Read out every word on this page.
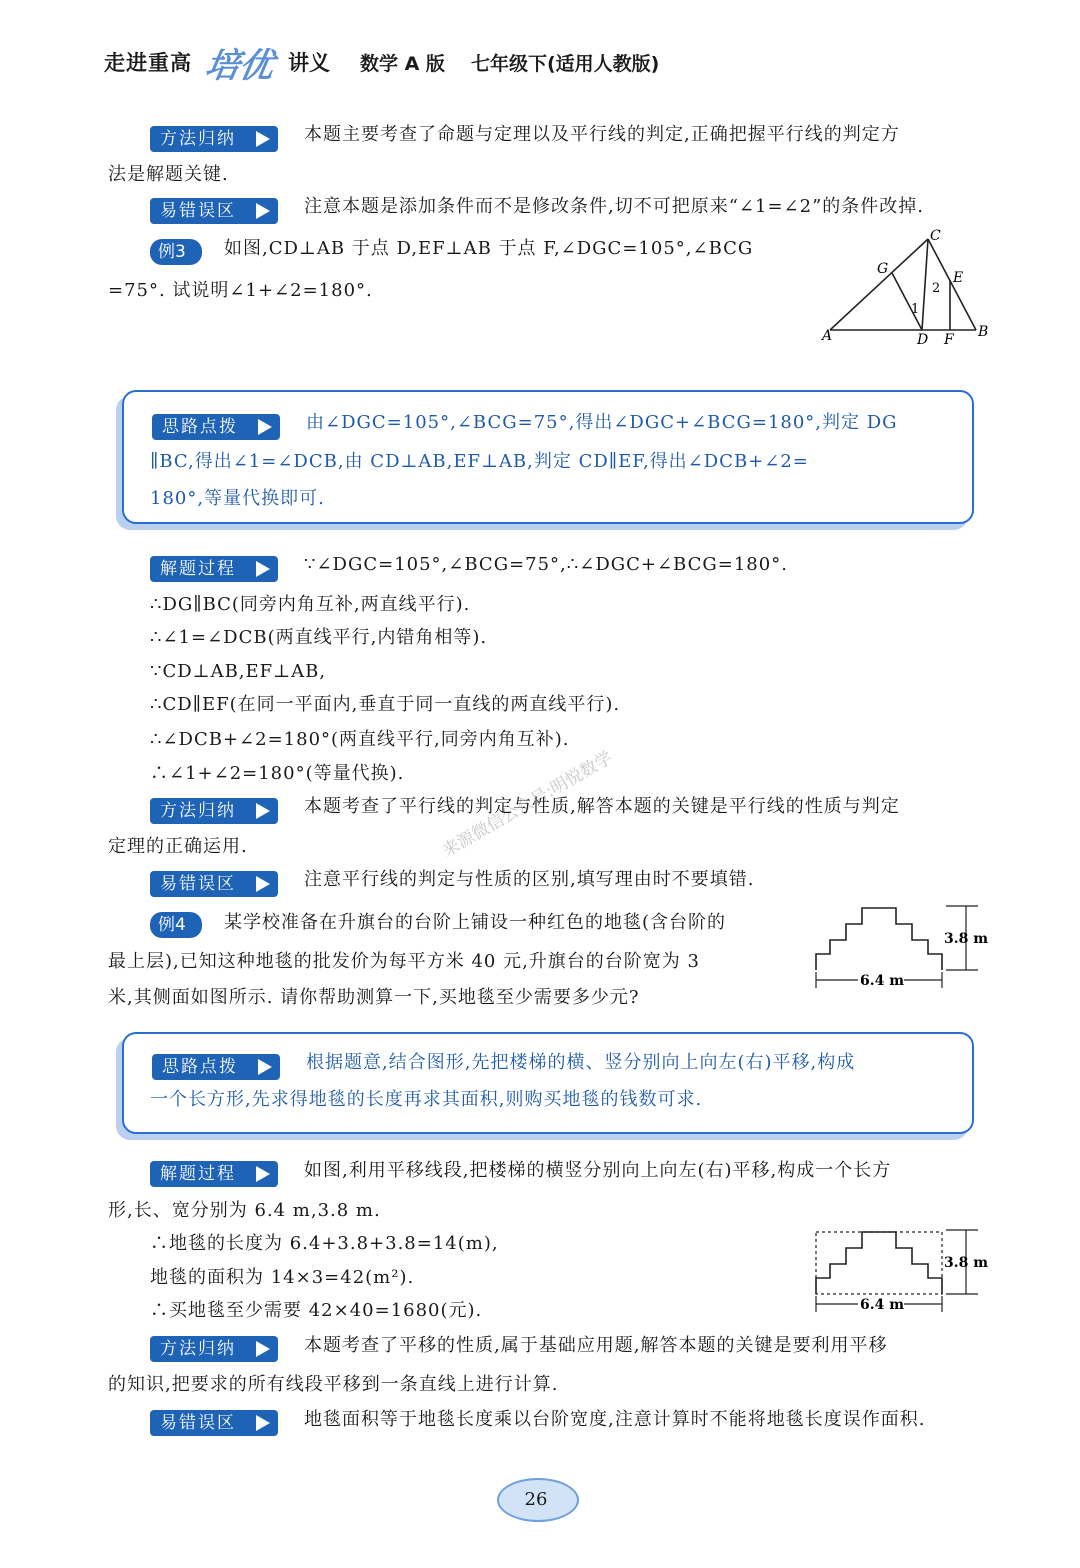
走进重高 培优 讲义 数学 A 版 七年级下(适用人教版)
方法归纳	本题主要考查了命题与定理以及平行线的判定,正确把握平行线的判定方
法是解题关键.
易错误区	注意本题是添加条件而不是修改条件,切不可把原来“∠1=∠2”的条件改掉.
例3	如图,CD⊥AB 于点 D,EF⊥AB 于点 F,∠DGC=105°,∠BCG
=75°. 试说明∠1+∠2=180°.
A	B
C
D
E
F
G
1
2
思路点拨	由∠DGC=105°,∠BCG=75°,得出∠DGC+∠BCG=180°,判定 DG
∥BC,得出∠1=∠DCB,由 CD⊥AB,EF⊥AB,判定 CD∥EF,得出∠DCB+∠2=
180°,等量代换即可.
解题过程	∵∠DGC=105°,∠BCG=75°,∴∠DGC+∠BCG=180°.
∴DG∥BC(同旁内角互补,两直线平行).
∴∠1=∠DCB(两直线平行,内错角相等).
∵CD⊥AB,EF⊥AB,
∴CD∥EF(在同一平面内,垂直于同一直线的两直线平行).
∴∠DCB+∠2=180°(两直线平行,同旁内角互补).
∴∠1+∠2=180°(等量代换). 来源微信公众号:明悦数学
方法归纳	本题考查了平行线的判定与性质,解答本题的关键是平行线的性质与判定
定理的正确运用.
易错误区	注意平行线的判定与性质的区别,填写理由时不要填错.
例4	某学校准备在升旗台的台阶上铺设一种红色的地毯(含台阶的
最上层),已知这种地毯的批发价为每平方米 40 元,升旗台的台阶宽为 3
米,其侧面如图所示. 请你帮助测算一下,买地毯至少需要多少元?
3.8 m
6.4 m
思路点拨	根据题意,结合图形,先把楼梯的横、竖分别向上向左(右)平移,构成
一个长方形,先求得地毯的长度再求其面积,则购买地毯的钱数可求.
解题过程	如图,利用平移线段,把楼梯的横竖分别向上向左(右)平移,构成一个长方
形,长、宽分别为 6.4 m,3.8 m.
∴地毯的长度为 6.4+3.8+3.8=14(m),
地毯的面积为 14×3=42(m²).
∴买地毯至少需要 42×40=1680(元).
3.8 m
6.4 m
方法归纳	本题考查了平移的性质,属于基础应用题,解答本题的关键是要利用平移
的知识,把要求的所有线段平移到一条直线上进行计算.
易错误区	地毯面积等于地毯长度乘以台阶宽度,注意计算时不能将地毯长度误作面积.
26
